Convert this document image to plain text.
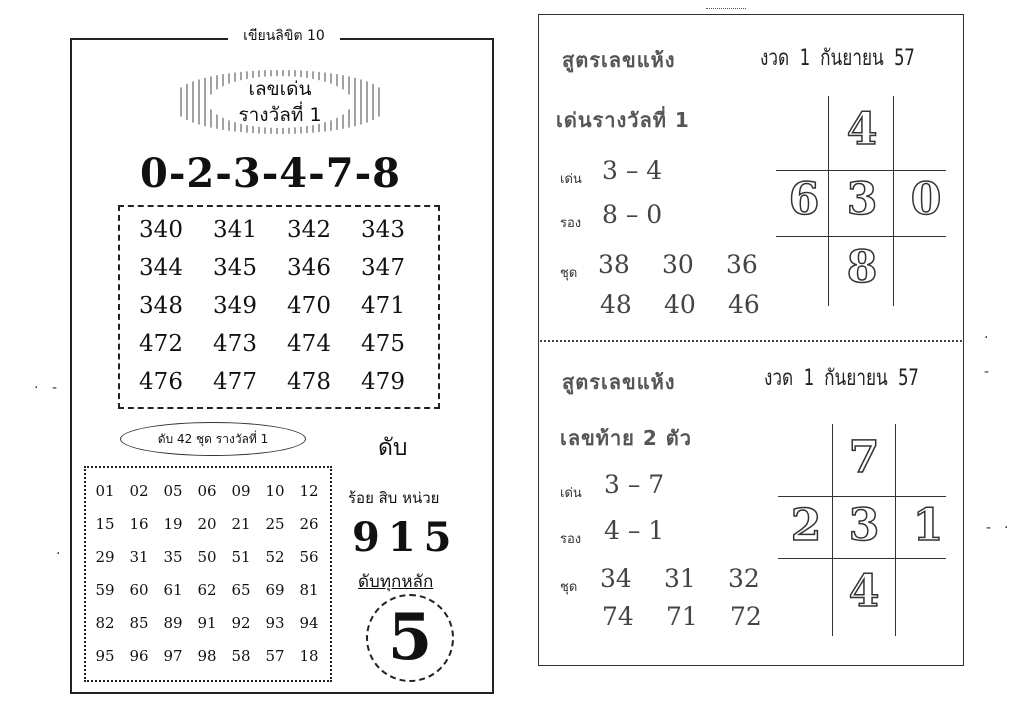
เขียนลิขิต 10
เลขเด่น
รางวัลที่ 1
0-2-3-4-7-8
340	341	342	343
344	345	346	347
348	349	470	471
472	473	474	475
476	477	478	479
ดับ 42 ชุด รางวัลที่ 1
01 02 05 06 09 10 12
15 16 19 20 21 25 26
29 31 35 50 51 52 56
59 60 61 62 65 69 81
82 85 89 91 92 93 94
95 96 97 98 58 57 18
ดับ
ร้อย สิบ หน่วย
915
ดับทุกหลัก
5
สูตรเลขแห้ง	งวด 1 กันยายน 57
เด่นรางวัลที่ 1
เด่น 3 – 4
รอง 8 – 0
ชุด 38 30 36
48 40 46
4
6 3 0
8
สูตรเลขแห้ง	งวด 1 กันยายน 57
เลขท้าย 2 ตัว
เด่น 3 – 7
รอง 4 – 1
ชุด 34 31 32
74 71 72
7
2 3 1
4
· -
·
- ·
·
-
